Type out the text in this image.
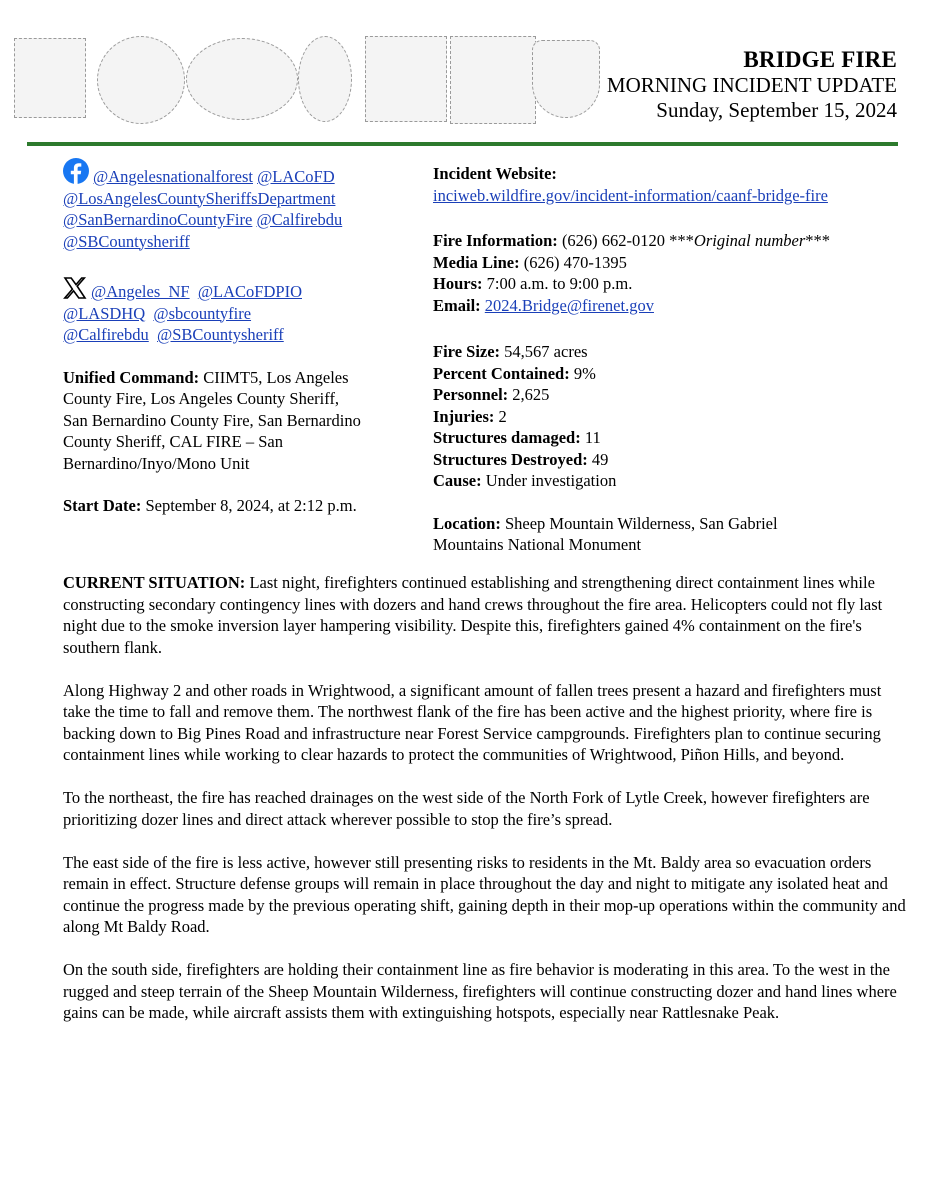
BRIDGE FIRE
MORNING INCIDENT UPDATE
Sunday, September 15, 2024
@Angelesnationalforest @LACoFD
@LosAngelesCountySheriffsDepartment
@SanBernardinoCountyFire @Calfirebdu
@SBCountysheriff
@Angeles_NF @LACoFDPIO
@LASDHQ @sbcountyfire
@Calfirebdu @SBCountysheriff
Unified Command: CIIMT5, Los Angeles
County Fire, Los Angeles County Sheriff,
San Bernardino County Fire, San Bernardino
County Sheriff, CAL FIRE – San
Bernardino/Inyo/Mono Unit
Start Date: September 8, 2024, at 2:12 p.m.
Incident Website:
inciweb.wildfire.gov/incident-information/caanf-bridge-fire
Fire Information: (626) 662-0120 ***Original number***
Media Line: (626) 470-1395
Hours: 7:00 a.m. to 9:00 p.m.
Email: 2024.Bridge@firenet.gov
Fire Size: 54,567 acres
Percent Contained: 9%
Personnel: 2,625
Injuries: 2
Structures damaged: 11
Structures Destroyed: 49
Cause: Under investigation
Location: Sheep Mountain Wilderness, San Gabriel
Mountains National Monument

CURRENT SITUATION: Last night, firefighters continued establishing and strengthening direct containment lines while constructing secondary contingency lines with dozers and hand crews throughout the fire area. Helicopters could not fly last night due to the smoke inversion layer hampering visibility. Despite this, firefighters gained 4% containment on the fire's southern flank.

Along Highway 2 and other roads in Wrightwood, a significant amount of fallen trees present a hazard and firefighters must take the time to fall and remove them. The northwest flank of the fire has been active and the highest priority, where fire is backing down to Big Pines Road and infrastructure near Forest Service campgrounds. Firefighters plan to continue securing containment lines while working to clear hazards to protect the communities of Wrightwood, Piñon Hills, and beyond.

To the northeast, the fire has reached drainages on the west side of the North Fork of Lytle Creek, however firefighters are prioritizing dozer lines and direct attack wherever possible to stop the fire’s spread.

The east side of the fire is less active, however still presenting risks to residents in the Mt. Baldy area so evacuation orders remain in effect. Structure defense groups will remain in place throughout the day and night to mitigate any isolated heat and continue the progress made by the previous operating shift, gaining depth in their mop-up operations within the community and along Mt Baldy Road.

On the south side, firefighters are holding their containment line as fire behavior is moderating in this area. To the west in the rugged and steep terrain of the Sheep Mountain Wilderness, firefighters will continue constructing dozer and hand lines where gains can be made, while aircraft assists them with extinguishing hotspots, especially near Rattlesnake Peak.
